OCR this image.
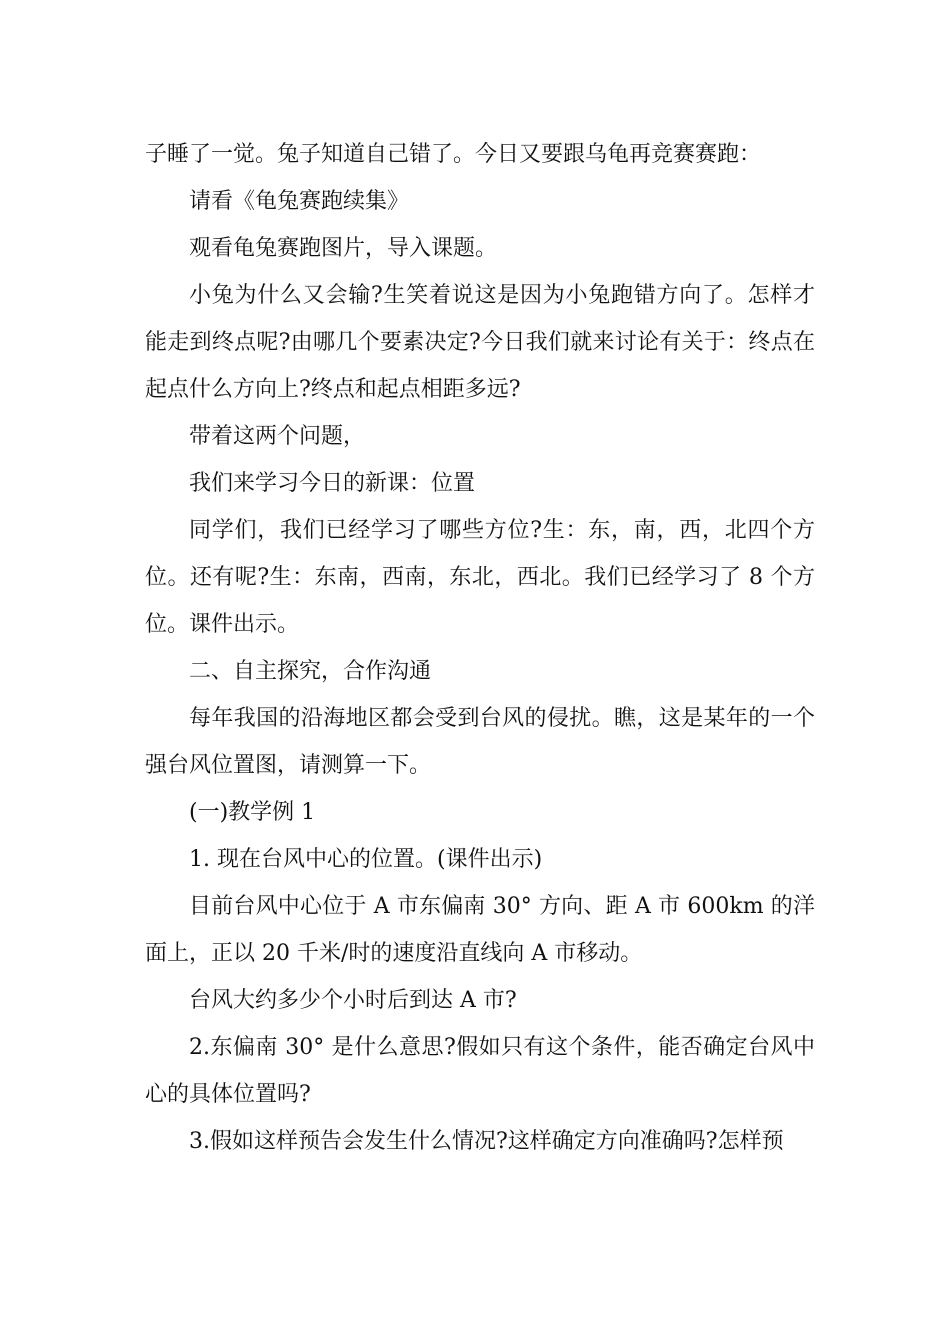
子睡了一觉。兔子知道自己错了。今日又要跟乌龟再竞赛赛跑：

请看《龟兔赛跑续集》

观看龟兔赛跑图片，导入课题。

小兔为什么又会输?生笑着说这是因为小兔跑错方向了。怎样才能走到终点呢?由哪几个要素决定?今日我们就来讨论有关于：终点在起点什么方向上?终点和起点相距多远?

带着这两个问题，

我们来学习今日的新课：位置

同学们，我们已经学习了哪些方位?生：东，南，西，北四个方位。还有呢?生：东南，西南，东北，西北。我们已经学习了 8 个方位。课件出示。

二、自主探究，合作沟通

每年我国的沿海地区都会受到台风的侵扰。瞧，这是某年的一个强台风位置图，请测算一下。

(一)教学例 1

1. 现在台风中心的位置。(课件出示)

目前台风中心位于 A 市东偏南 30° 方向、距 A 市 600km 的洋面上，正以 20 千米/时的速度沿直线向 A 市移动。

台风大约多少个小时后到达 A 市?

2.东偏南 30° 是什么意思?假如只有这个条件，能否确定台风中心的具体位置吗?

3.假如这样预告会发生什么情况?这样确定方向准确吗?怎样预
